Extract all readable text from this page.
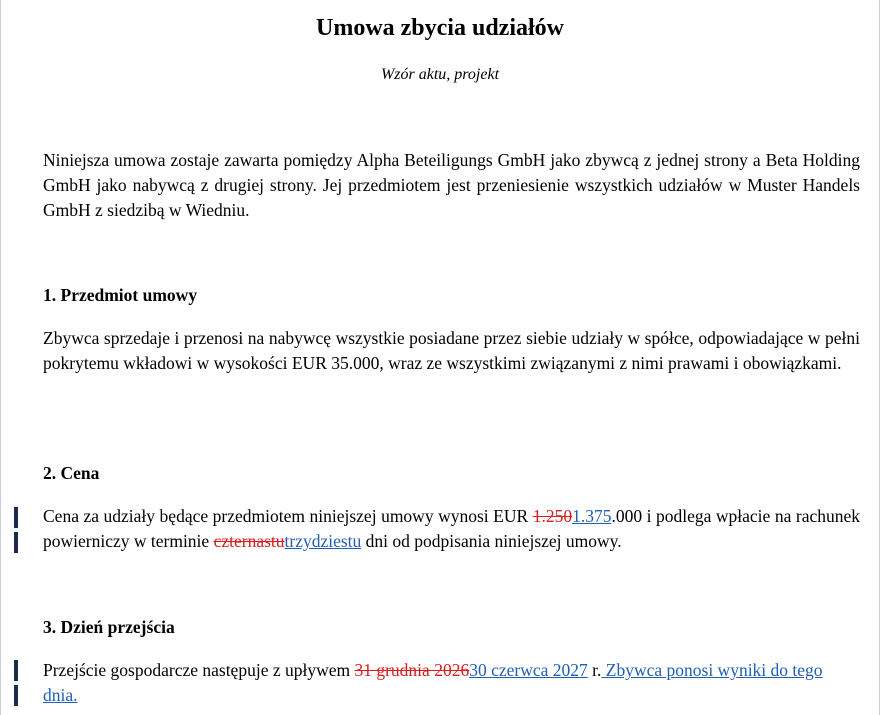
Umowa zbycia udziałów
Wzór aktu, projekt

Niniejsza umowa zostaje zawarta pomiędzy Alpha Beteiligungs GmbH jako zbywcą z jednej strony a Beta Holding GmbH jako nabywcą z drugiej strony. Jej przedmiotem jest przeniesienie wszystkich udziałów w Muster Handels GmbH z siedzibą w Wiedniu.

1. Przedmiot umowy

Zbywca sprzedaje i przenosi na nabywcę wszystkie posiadane przez siebie udziały w spółce, odpowiadające w pełni pokrytemu wkładowi w wysokości EUR 35.000, wraz ze wszystkimi związanymi z nimi prawami i obowiązkami.

2. Cena

Cena za udziały będące przedmiotem niniejszej umowy wynosi EUR 1.2501.375.000 i podlega wpłacie na rachunek powierniczy w terminie czternastutrzydziestu dni od podpisania niniejszej umowy.

3. Dzień przejścia

Przejście gospodarcze następuje z upływem 31 grudnia 202630 czerwca 2027 r. Zbywca ponosi wyniki do tego dnia.
